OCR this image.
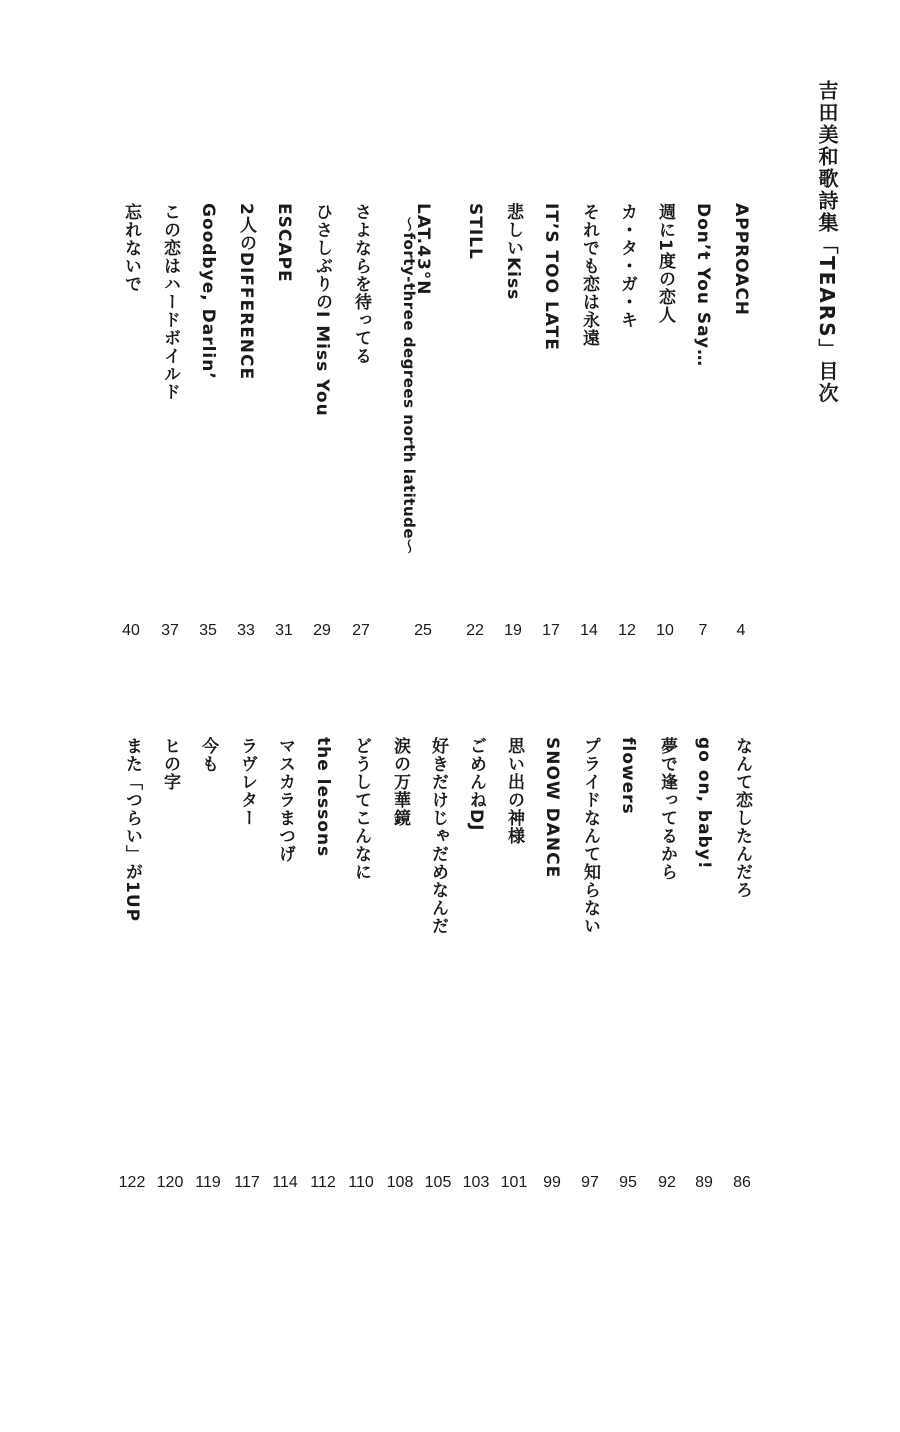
吉田美和歌詩集「TEARS」目次
APPROACH
4
Don’t You Say…
7
週に1度の恋人
10
カ・タ・ガ・キ
12
それでも恋は永遠
14
IT’S TOO LATE
17
悲しいKiss
19
STILL
22
LAT.43°N
～forty-three degrees north latitude～
25
さよならを待ってる
27
ひさしぶりのI Miss You
29
ESCAPE
31
2人のDIFFERENCE
33
Goodbye, Darlin’
35
この恋はハードボイルド
37
忘れないで
40
なんて恋したんだろ
86
go on, baby!
89
夢で逢ってるから
92
flowers
95
プライドなんて知らない
97
SNOW DANCE
99
思い出の神様
101
ごめんねDJ
103
好きだけじゃだめなんだ
105
涙の万華鏡
108
どうしてこんなに
110
the lessons
112
マスカラまつげ
114
ラヴレター
117
今も
119
ヒの字
120
また「つらい」が1UP
122
